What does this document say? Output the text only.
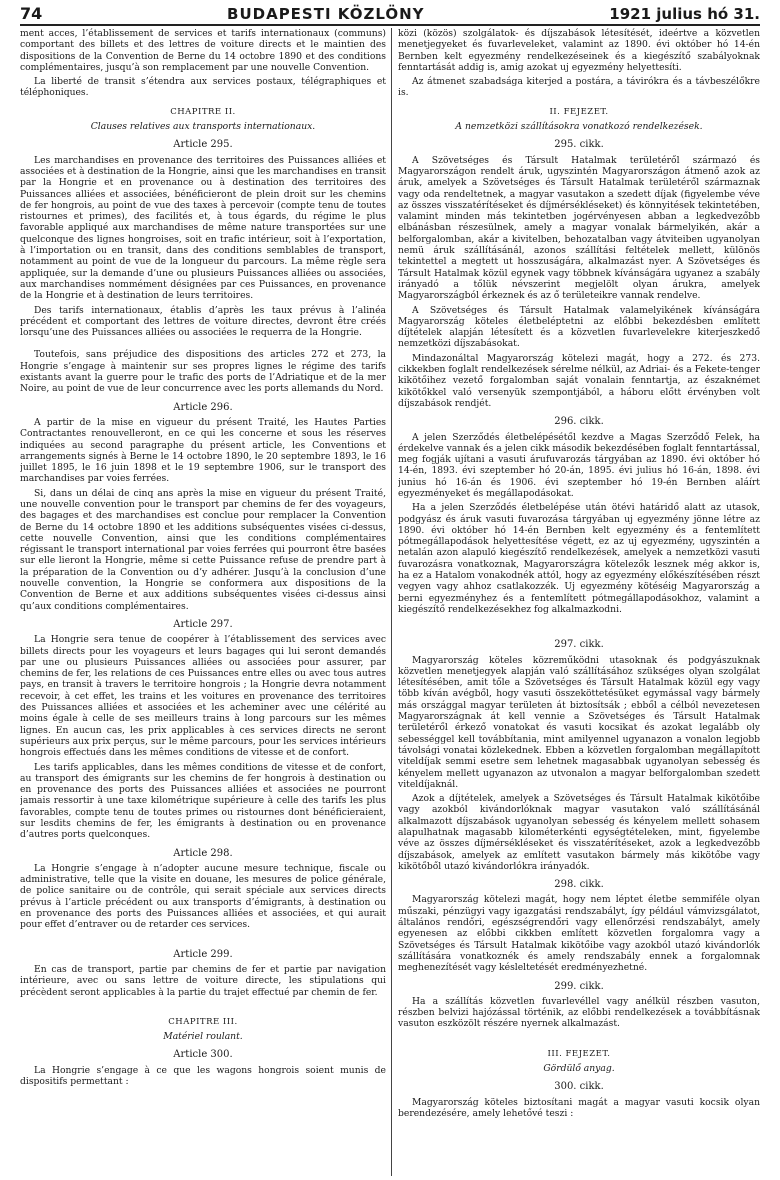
74	BUDAPESTI KÖZLÖNY	1921 julius hó 31.

ment acces, l’établissement de services et tarifs internationaux (communs) comportant des billets et des lettres de voiture directs et le maintien des dispositions de la Convention de Berne du 14 octobre 1890 et des conditions complémentaires, jusqu’à son remplacement par une nouvelle Convention.

La liberté de transit s’étendra aux services postaux, télégraphiques et téléphoniques.

CHAPITRE II.
Clauses relatives aux transports internationaux.
Article 295.

Les marchandises en provenance des territoires des Puissances alliées et associées et à destination de la Hongrie, ainsi que les marchandises en transit par la Hongrie et en provenance ou à destination des territoires des Puissances alliées et associées, bénéficieront de plein droit sur les chemins de fer hongrois, au point de vue des taxes à percevoir (compte tenu de toutes ristournes et primes), des facilités et, à tous égards, du régime le plus favorable appliqué aux marchandises de même nature transportées sur une quelconque des lignes hongroises, soit en trafic intérieur, soit à l’exportation, à l’importation ou en transit, dans des conditions semblables de transport, notamment au point de vue de la longueur du parcours. La même règle sera appliquée, sur la demande d’une ou plusieurs Puissances alliées ou associées, aux marchandises nommément désignées par ces Puissances, en provenance de la Hongrie et à destination de leurs territoires.

Des tarifs internationaux, établis d’après les taux prévus à l’alinéa précédent et comportant des lettres de voiture directes, devront être créés lorsqu’une des Puissances alliées ou associées le requerra de la Hongrie.

Toutefois, sans préjudice des dispositions des articles 272 et 273, la Hongrie s’engage à maintenir sur ses propres lignes le régime des tarifs existants avant la guerre pour le trafic des ports de l’Adriatique et de la mer Noire, au point de vue de leur concurrence avec les ports allemands du Nord.

Article 296.

A partir de la mise en vigueur du présent Traité, les Hautes Parties Contractantes renouvelleront, en ce qui les concerne et sous les réserves indiquées au second paragraphe du présent article, les Conventions et arrangements signés à Berne le 14 octobre 1890, le 20 septembre 1893, le 16 juillet 1895, le 16 juin 1898 et le 19 septembre 1906, sur le transport des marchandises par voies ferrées.

Si, dans un délai de cinq ans après la mise en vigueur du présent Traité, une nouvelle convention pour le transport par chemins de fer des voyageurs, des bagages et des marchandises est conclue pour remplacer la Convention de Berne du 14 octobre 1890 et les additions subséquentes visées ci-dessus, cette nouvelle Convention, ainsi que les conditions complémentaires régissant le transport international par voies ferrées qui pourront être basées sur elle lieront la Hongrie, même si cette Puissance refuse de prendre part à la préparation de la Convention ou d’y adhérer. Jusqu’à la conclusion d’une nouvelle convention, la Hongrie se conformera aux dispositions de la Convention de Berne et aux additions subséquentes visées ci-dessus ainsi qu’aux conditions complémentaires.

Article 297.

La Hongrie sera tenue de coopérer à l’établissement des services avec billets directs pour les voyageurs et leurs bagages qui lui seront demandés par une ou plusieurs Puissances alliées ou associées pour assurer, par chemins de fer, les relations de ces Puissances entre elles ou avec tous autres pays, en transit à travers le territoire hongrois ; la Hongrie devra notamment recevoir, à cet effet, les trains et les voitures en provenance des territoires des Puissances alliées et associées et les acheminer avec une célérité au moins égale à celle de ses meilleurs trains à long parcours sur les mêmes lignes. En aucun cas, les prix applicables à ces services directs ne seront supérieurs aux prix perçus, sur le même parcours, pour les services intérieurs hongrois effectués dans les mêmes conditions de vitesse et de confort.

Les tarifs applicables, dans les mêmes conditions de vitesse et de confort, au transport des émigrants sur les chemins de fer hongrois à destination ou en provenance des ports des Puissances alliées et associées ne pourront jamais ressortir à une taxe kilométrique supérieure à celle des tarifs les plus favorables, compte tenu de toutes primes ou ristournes dont bénéficieraient, sur lesdits chemins de fer, les émigrants à destination ou en provenance d’autres ports quelconques.

Article 298.

La Hongrie s’engage à n’adopter aucune mesure technique, fiscale ou administrative, telle que la visite en douane, les mesures de police générale, de police sanitaire ou de contrôle, qui serait spéciale aux services directs prévus à l’article précédent ou aux transports d’émigrants, à destination ou en provenance des ports des Puissances alliées et associées, et qui aurait pour effet d’entraver ou de retarder ces services.

Article 299.

En cas de transport, partie par chemins de fer et partie par navigation intérieure, avec ou sans lettre de voiture directe, les stipulations qui précèdent seront applicables à la partie du trajet effectué par chemin de fer.

CHAPITRE III.
Matériel roulant.
Article 300.

La Hongrie s’engage à ce que les wagons hongrois soient munis de dispositifs permettant :

közi (közös) szolgálatok- és díjszabások létesítését, ideértve a közvetlen menetjegyeket és fuvarleveleket, valamint az 1890. évi október hó 14-én Bernben kelt egyezmény rendelkezéseinek és a kiegészítő szabályoknak fenntartását addig is, amig azokat uj egyezmény helyettesíti.

Az átmenet szabadsága kiterjed a postára, a távirókra és a távbeszélőkre is.

II. FEJEZET.
A nemzetközi szállításokra vonatkozó rendelkezések.
295. cikk.

A Szövetséges és Társult Hatalmak területéről származó és Magyarországon rendelt áruk, ugyszintén Magyarországon átmenő azok az áruk, amelyek a Szövetséges és Társult Hatalmak területéről származnak vagy oda rendeltetnek, a magyar vasutakon a szedett díjak (figyelembe véve az összes visszatérítéseket és díjmérsékléseket) és könnyitések tekintetében, valamint minden más tekintetben jogérvényesen abban a legkedvezőbb elbánásban részesülnek, amely a magyar vonalak bármelyikén, akár a belforgalomban, akár a kivitelben, behozatalban vagy átviteiben ugyanolyan nemü áruk szállításánál, azonos szállítási feltételek mellett, különös tekintettel a megtett ut hosszuságára, alkalmazást nyer. A Szövetséges és Társult Hatalmak közül egynek vagy többnek kívánságára ugyanez a szabály irányadó a tőlük névszerint megjelölt olyan árukra, amelyek Magyarországból érkeznek és az ő területeikre vannak rendelve.

A Szövetséges és Társult Hatalmak valamelyikének kívánságára Magyarország köteles életbeléptetni az előbbi bekezdésben említett díjtételek alapján létesített és a közvetlen fuvarlevelekre kiterjeszkedő nemzetközi díjszabásokat.

Mindazonáltal Magyarország kötelezi magát, hogy a 272. és 273. cikkekben foglalt rendelkezések sérelme nélkül, az Adriai- és a Fekete-tenger kikötőihez vezető forgalomban saját vonalain fenntartja, az északnémet kikötőkkel való versenyük szempontjából, a háboru előtt érvényben volt díjszabások rendjét.

296. cikk.

A jelen Szerződés életbelépésétől kezdve a Magas Szerződő Felek, ha érdekelve vannak és a jelen cikk második bekezdésében foglalt fenntartással, meg fogják ujítani a vasuti árufuvarozás tárgyában az 1890. évi október hó 14-én, 1893. évi szeptember hó 20-án, 1895. évi julius hó 16-án, 1898. évi junius hó 16-án és 1906. évi szeptember hó 19-én Bernben aláírt egyezményeket és megállapodásokat.

Ha a jelen Szerződés életbelépése után ötévi határidő alatt az utasok, podgyász és áruk vasuti fuvarozása tárgyában uj egyezmény jönne létre az 1890. évi október hó 14-én Bernben kelt egyezmény és a fentemlített pótmegállapodások helyettesítése végett, ez az uj egyezmény, ugyszintén a netalán azon alapuló kiegészítő rendelkezések, amelyek a nemzetközi vasuti fuvarozásra vonatkoznak, Magyarországra kötelezők lesznek még akkor is, ha ez a Hatalom vonakodnék attól, hogy az egyezmény előkészítésében részt vegyen vagy ahhoz csatlakozzék. Uj egyezmény kötéséig Magyarország a berni egyezményhez és a fentemlített pótmegállapodásokhoz, valamint a kiegészítő rendelkezésekhez fog alkalmazkodni.

297. cikk.

Magyarország köteles közreműködni utasoknak és podgyászuknak közvetlen menetjegyek alapján való szállításához szükséges olyan szolgálat létesítésében, amit tőle a Szövetséges és Társult Hatalmak közül egy vagy több kíván avégből, hogy vasuti összeköttetésüket egymással vagy bármely más országgal magyar területen át biztosítsák ; ebből a célból nevezetesen Magyarországnak át kell vennie a Szövetséges és Társult Hatalmak területéről érkező vonatokat és vasuti kocsikat és azokat legalább oly sebességgel kell továbbítania, mint amilyennel ugyanazon a vonalon legjobb távolsági vonatai közlekednek. Ebben a közvetlen forgalomban megállapított viteldíjak semmi esetre sem lehetnek magasabbak ugyanolyan sebesség és kényelem mellett ugyanazon az utvonalon a magyar belforgalomban szedett viteldíjaknál.

Azok a díjtételek, amelyek a Szövetséges és Társult Hatalmak kikötőibe vagy azokból kivándorlóknak magyar vasutakon való szállításánál alkalmazott díjszabások ugyanolyan sebesség és kényelem mellett sohasem alapulhatnak magasabb kilométerkénti egységtételeken, mint, figyelembe véve az összes díjmérsékléseket és visszatérítéseket, azok a legkedvezőbb díjszabások, amelyek az említett vasutakon bármely más kikötőbe vagy kikötőből utazó kivándorlókra irányadók.

298. cikk.

Magyarország kötelezi magát, hogy nem léptet életbe semmiféle olyan műszaki, pénzügyi vagy igazgatási rendszabályt, így például vámvizsgálatot, általános rendőri, egészségrendőri vagy ellenőrzési rendszabályt, amely egyenesen az előbbi cikkben említett közvetlen forgalomra vagy a Szövetséges és Társult Hatalmak kikötőibe vagy azokból utazó kivándorlók szállítására vonatkoznék és amely rendszabály ennek a forgalomnak meghenezítését vagy késleltetését eredményezhetné.

299. cikk.

Ha a szállítás közvetlen fuvarlevéllel vagy anélkül részben vasuton, részben belvizi hajózással történik, az előbbi rendelkezések a továbbításnak vasuton eszközölt részére nyernek alkalmazást.

III. FEJEZET.
Gördülő anyag.
300. cikk.

Magyarország köteles biztosítani magát a magyar vasuti kocsik olyan berendezésére, amely lehetővé teszi :
